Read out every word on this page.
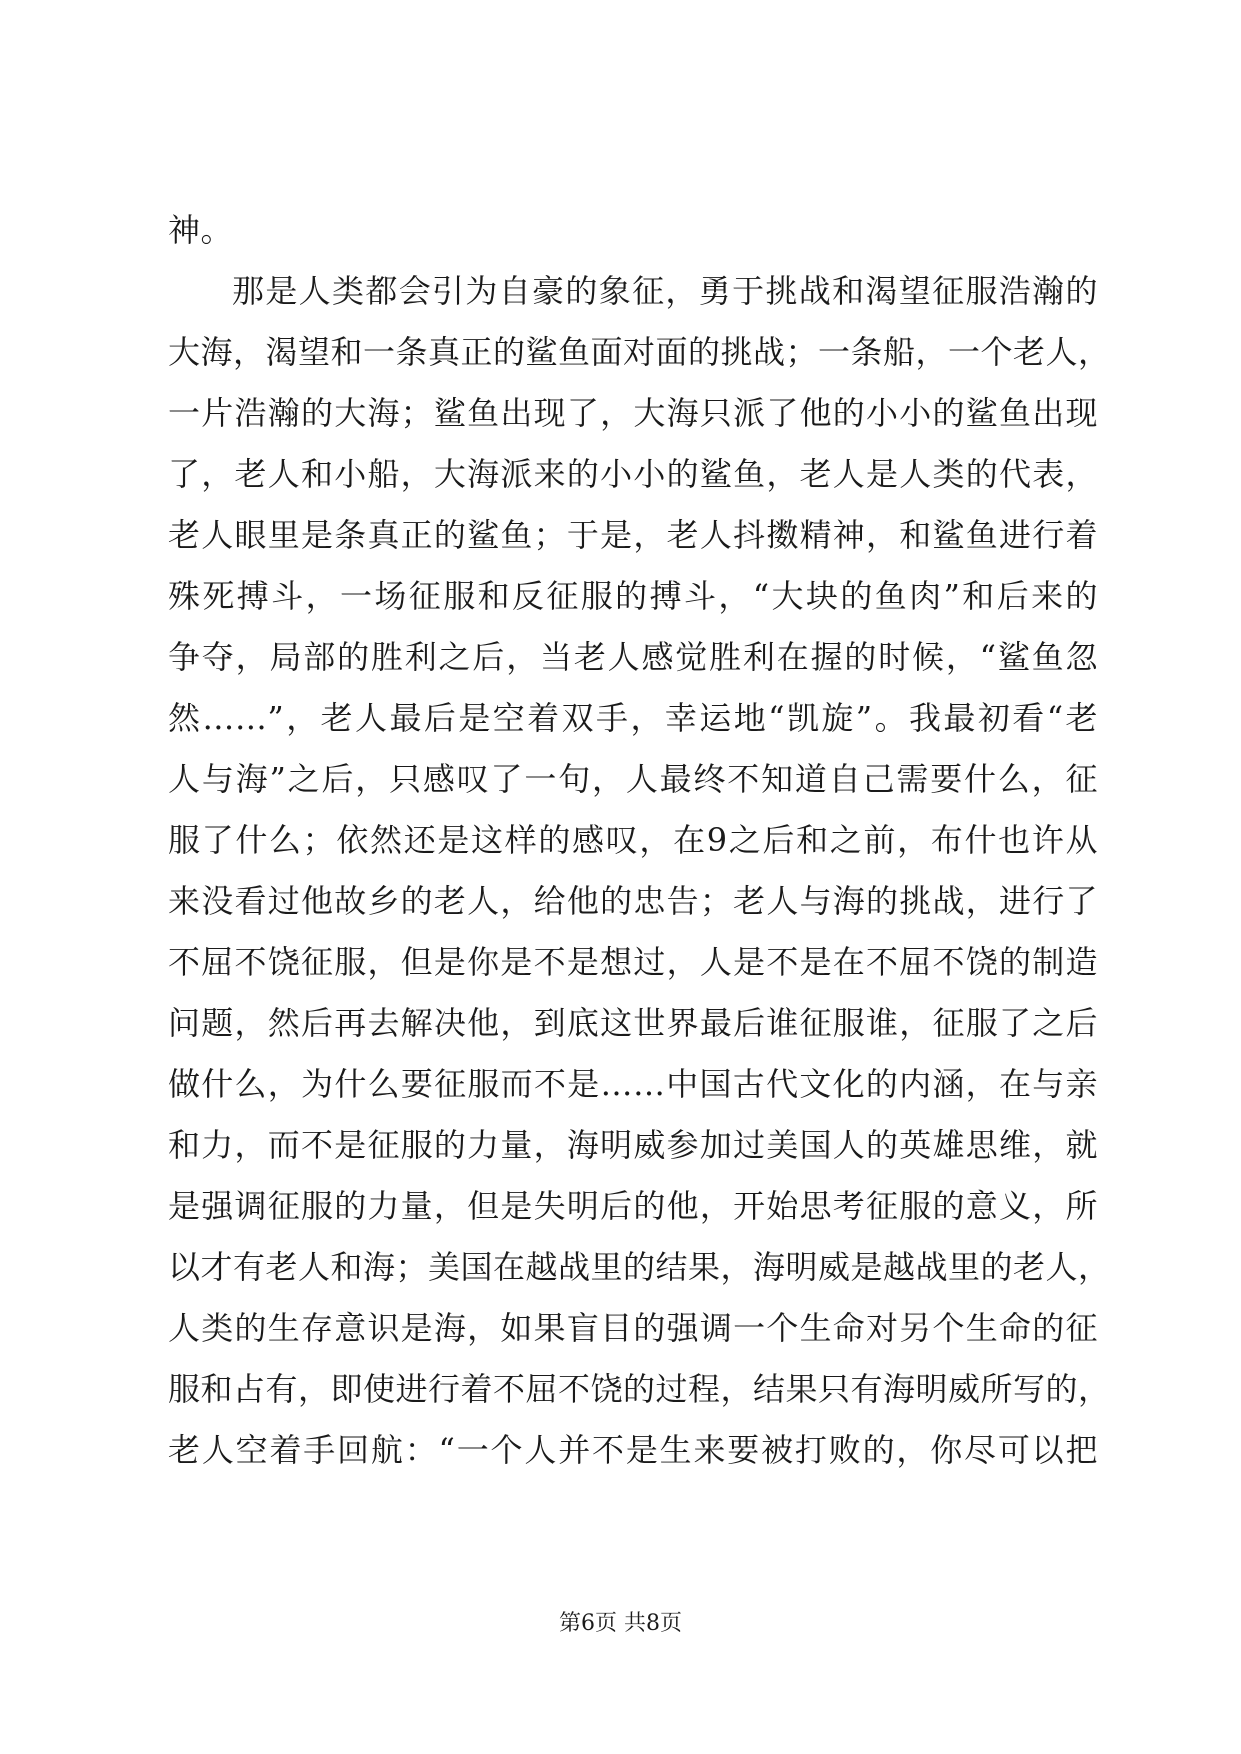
神。
那是人类都会引为自豪的象征，勇于挑战和渴望征服浩瀚的
大海，渴望和一条真正的鲨鱼面对面的挑战；一条船，一个老人，
一片浩瀚的大海；鲨鱼出现了，大海只派了他的小小的鲨鱼出现
了，老人和小船，大海派来的小小的鲨鱼，老人是人类的代表，
老人眼里是条真正的鲨鱼；于是，老人抖擞精神，和鲨鱼进行着
殊死搏斗，一场征服和反征服的搏斗，“大块的鱼肉”和后来的
争夺，局部的胜利之后，当老人感觉胜利在握的时候，“鲨鱼忽
然……”，老人最后是空着双手，幸运地“凯旋”。我最初看“老
人与海”之后，只感叹了一句，人最终不知道自己需要什么，征
服了什么；依然还是这样的感叹，在9之后和之前，布什也许从
来没看过他故乡的老人，给他的忠告；老人与海的挑战，进行了
不屈不饶征服，但是你是不是想过，人是不是在不屈不饶的制造
问题，然后再去解决他，到底这世界最后谁征服谁，征服了之后
做什么，为什么要征服而不是……中国古代文化的内涵，在与亲
和力，而不是征服的力量，海明威参加过美国人的英雄思维，就
是强调征服的力量，但是失明后的他，开始思考征服的意义，所
以才有老人和海；美国在越战里的结果，海明威是越战里的老人，
人类的生存意识是海，如果盲目的强调一个生命对另个生命的征
服和占有，即使进行着不屈不饶的过程，结果只有海明威所写的，
老人空着手回航：“一个人并不是生来要被打败的，你尽可以把
第6页 共8页
